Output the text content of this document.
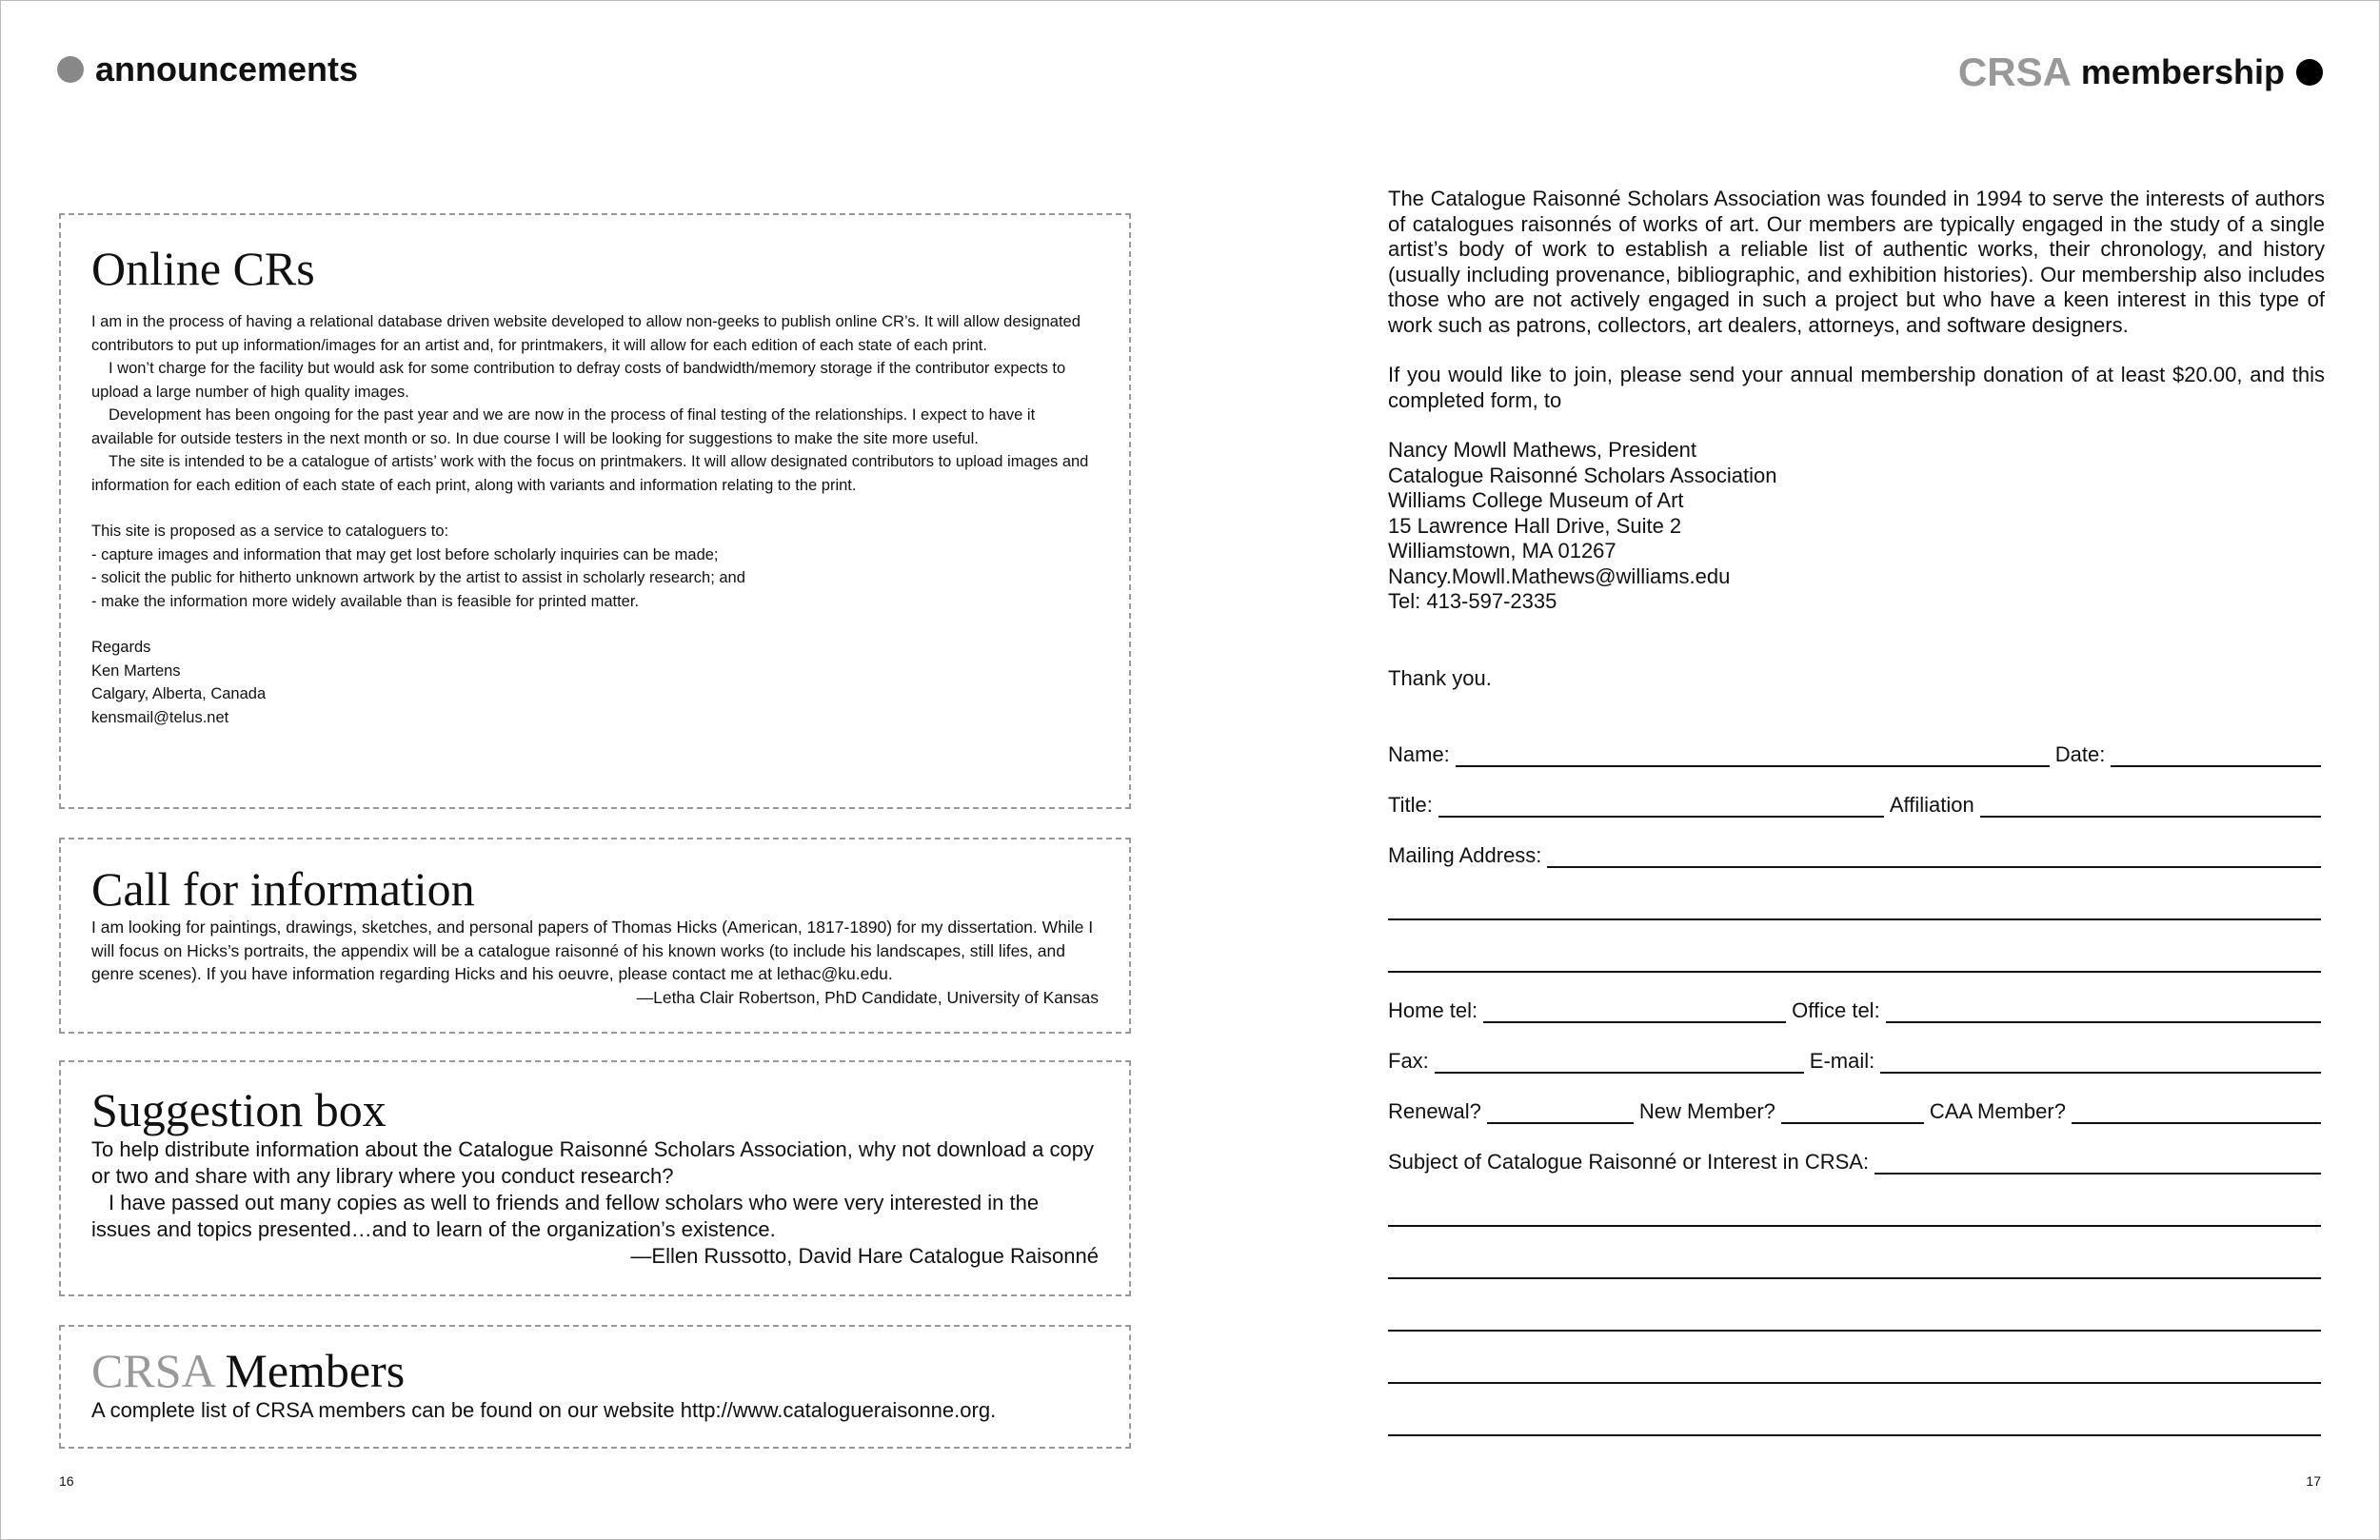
announcements	CRSA membership
Online CRs

I am in the process of having a relational database driven website developed to allow non-geeks to publish online CR’s. It will allow designated contributors to put up information/images for an artist and, for printmakers, it will allow for each edition of each state of each print.

I won’t charge for the facility but would ask for some contribution to defray costs of bandwidth/memory storage if the contributor expects to upload a large number of high quality images.

Development has been ongoing for the past year and we are now in the process of final testing of the relationships. I expect to have it available for outside testers in the next month or so. In due course I will be looking for suggestions to make the site more useful.

The site is intended to be a catalogue of artists’ work with the focus on printmakers. It will allow designated contributors to upload images and information for each edition of each state of each print, along with variants and information relating to the print.

This site is proposed as a service to cataloguers to:

- capture images and information that may get lost before scholarly inquiries can be made;

- solicit the public for hitherto unknown artwork by the artist to assist in scholarly research; and

- make the information more widely available than is feasible for printed matter.

Regards

Ken Martens

Calgary, Alberta, Canada

kensmail@telus.net

Call for information

I am looking for paintings, drawings, sketches, and personal papers of Thomas Hicks (American, 1817-1890) for my dissertation. While I will focus on Hicks’s portraits, the appendix will be a catalogue raisonné of his known works (to include his landscapes, still lifes, and genre scenes). If you have information regarding Hicks and his oeuvre, please contact me at lethac@ku.edu.

—Letha Clair Robertson, PhD Candidate, University of Kansas

Suggestion box

To help distribute information about the Catalogue Raisonné Scholars Association, why not download a copy or two and share with any library where you conduct research?

I have passed out many copies as well to friends and fellow scholars who were very interested in the issues and topics presented…and to learn of the organization’s existence.

—Ellen Russotto, David Hare Catalogue Raisonné

CRSA Members

A complete list of CRSA members can be found on our website http://www.catalogueraisonne.org.

16	17

The Catalogue Raisonné Scholars Association was founded in 1994 to serve the interests of authors of catalogues raisonnés of works of art. Our members are typically engaged in the study of a single artist’s body of work to establish a reliable list of authentic works, their chronology, and history (usually including provenance, bibliographic, and exhibition histories). Our membership also includes those who are not actively engaged in such a project but who have a keen interest in this type of work such as patrons, collectors, art dealers, attorneys, and software designers.

If you would like to join, please send your annual membership donation of at least $20.00, and this completed form, to

Nancy Mowll Mathews, President

Catalogue Raisonné Scholars Association

Williams College Museum of Art

15 Lawrence Hall Drive, Suite 2

Williamstown, MA 01267

Nancy.Mowll.Mathews@williams.edu

Tel: 413-597-2335

Thank you.

Name:	Date:
Title:	Affiliation
Mailing Address:
Home tel:	Office tel:
Fax:	E-mail:
Renewal?	New Member?	CAA Member?
Subject of Catalogue Raisonné or Interest in CRSA:
